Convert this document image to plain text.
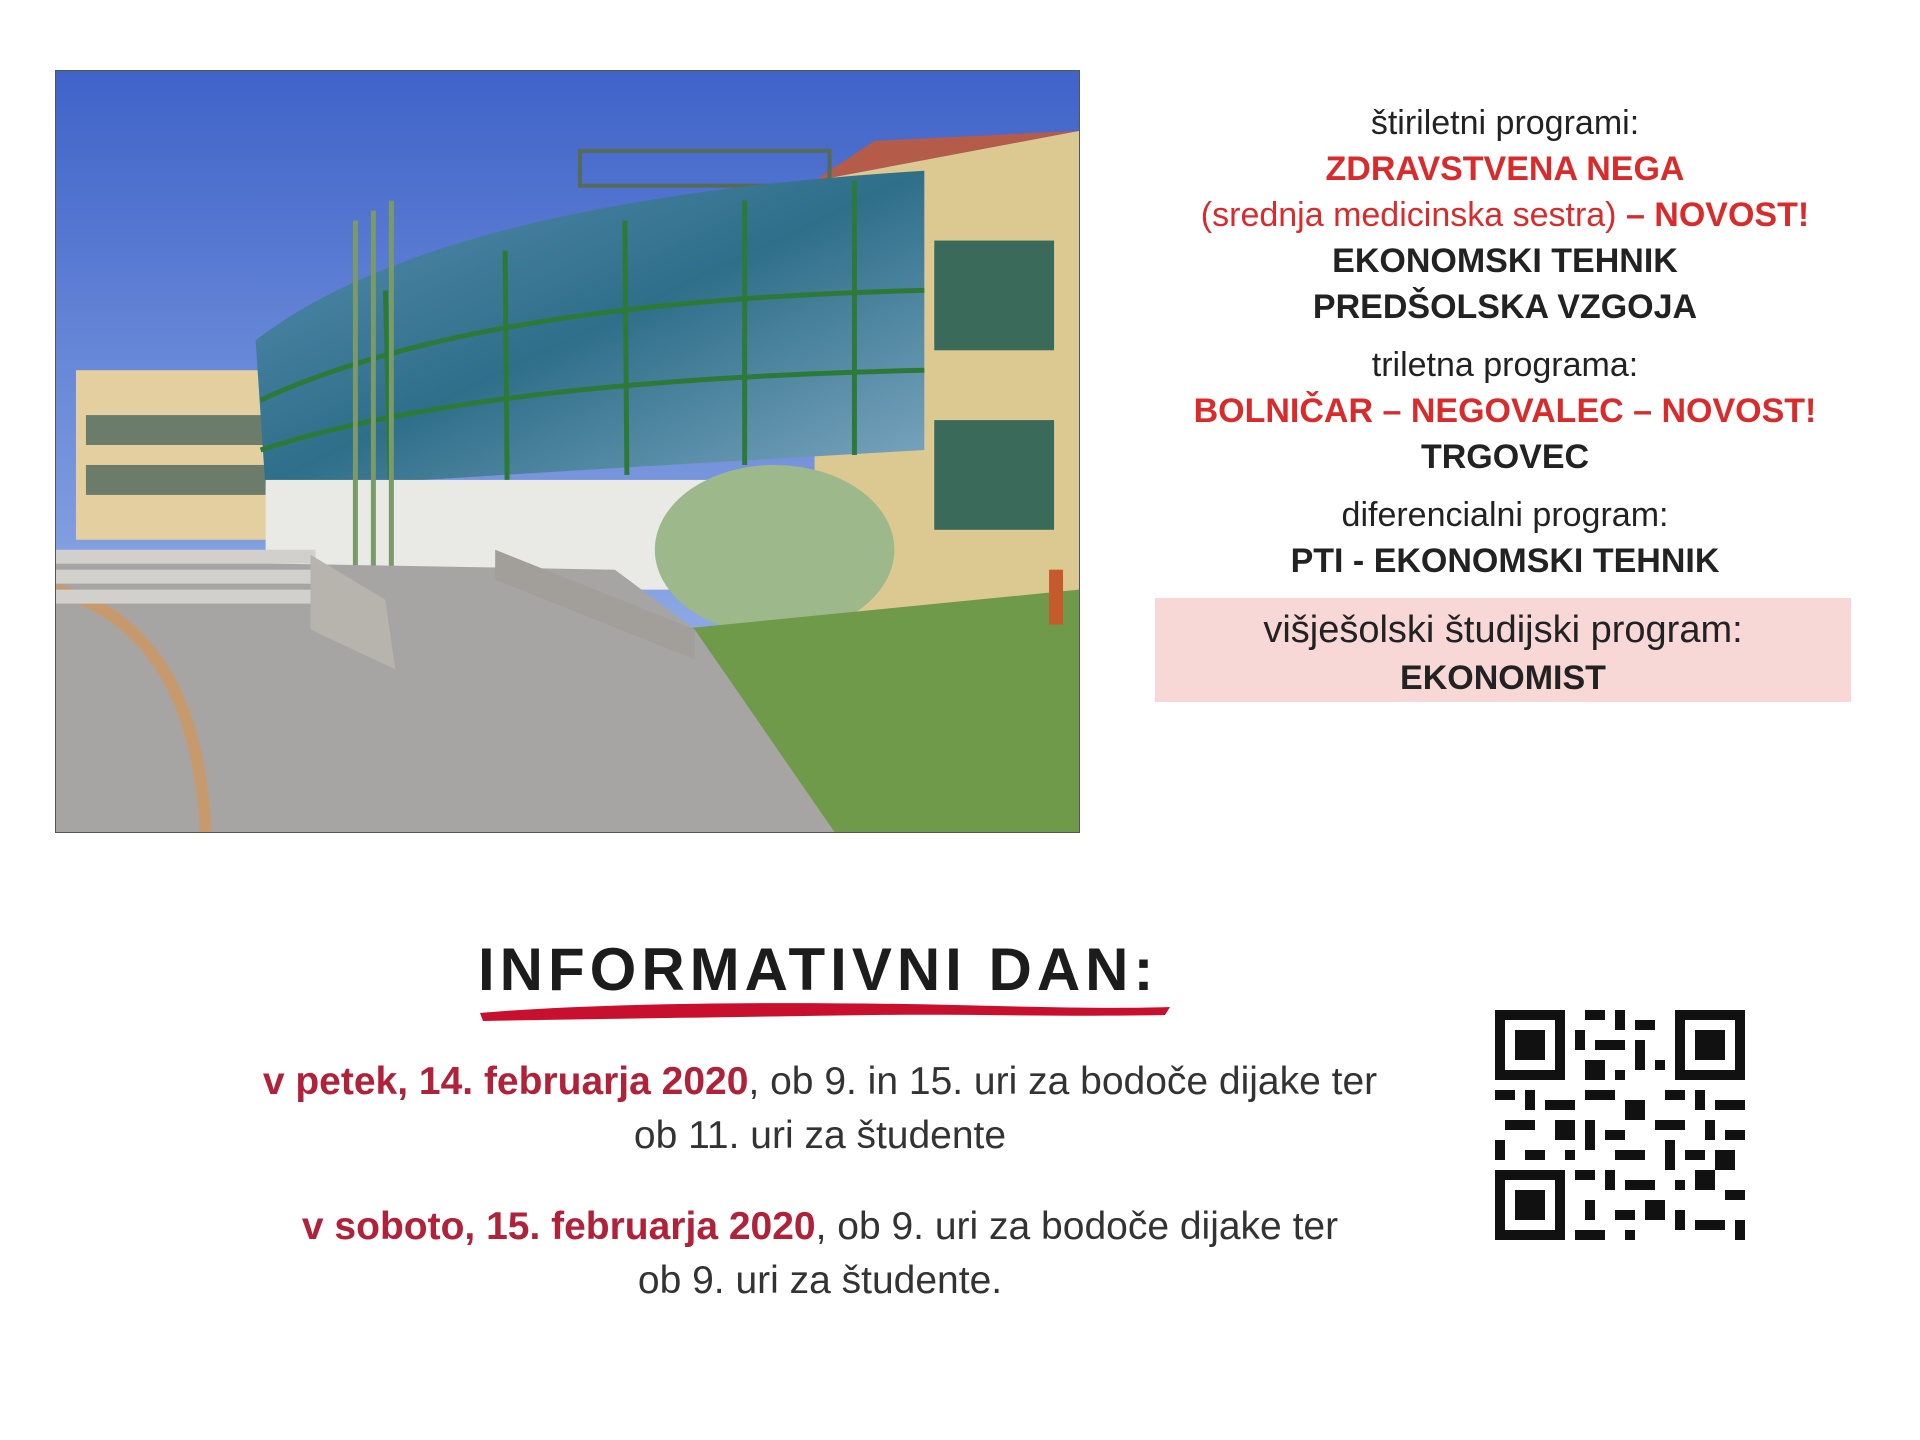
štiriletni programi:
ZDRAVSTVENA NEGA
(srednja medicinska sestra) – NOVOST!
EKONOMSKI TEHNIK
PREDŠOLSKA VZGOJA
triletna programa:
BOLNIČAR – NEGOVALEC – NOVOST!
TRGOVEC
diferencialni program:
PTI - EKONOMSKI TEHNIK
višješolski študijski program:
EKONOMIST
INFORMATIVNI DAN:
v petek, 14. februarja 2020, ob 9. in 15. uri za bodoče dijake ter
ob 11. uri za študente
v soboto, 15. februarja 2020, ob 9. uri za bodoče dijake ter
ob 9. uri za študente.
